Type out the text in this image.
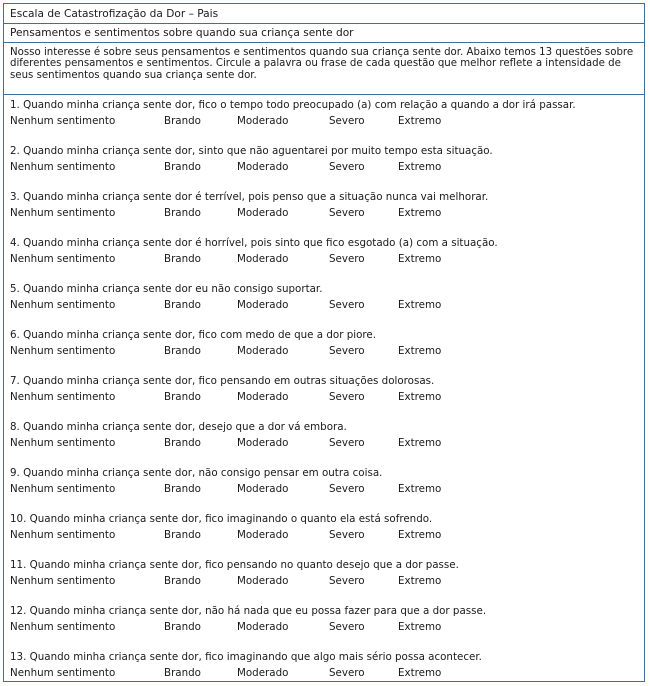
Escala de Catastrofização da Dor – Pais
Pensamentos e sentimentos sobre quando sua criança sente dor
Nosso interesse é sobre seus pensamentos e sentimentos quando sua criança sente dor. Abaixo temos 13 questões sobre diferentes pensamentos e sentimentos. Circule a palavra ou frase de cada questão que melhor reflete a intensidade de seus sentimentos quando sua criança sente dor.
1. Quando minha criança sente dor, fico o tempo todo preocupado (a) com relação a quando a dor irá passar.
Nenhum sentimento	Brando	Moderado	Severo	Extremo
2. Quando minha criança sente dor, sinto que não aguentarei por muito tempo esta situação.
Nenhum sentimento	Brando	Moderado	Severo	Extremo
3. Quando minha criança sente dor é terrível, pois penso que a situação nunca vai melhorar.
Nenhum sentimento	Brando	Moderado	Severo	Extremo
4. Quando minha criança sente dor é horrível, pois sinto que fico esgotado (a) com a situação.
Nenhum sentimento	Brando	Moderado	Severo	Extremo
5. Quando minha criança sente dor eu não consigo suportar.
Nenhum sentimento	Brando	Moderado	Severo	Extremo
6. Quando minha criança sente dor, fico com medo de que a dor piore.
Nenhum sentimento	Brando	Moderado	Severo	Extremo
7. Quando minha criança sente dor, fico pensando em outras situações dolorosas.
Nenhum sentimento	Brando	Moderado	Severo	Extremo
8. Quando minha criança sente dor, desejo que a dor vá embora.
Nenhum sentimento	Brando	Moderado	Severo	Extremo
9. Quando minha criança sente dor, não consigo pensar em outra coisa.
Nenhum sentimento	Brando	Moderado	Severo	Extremo
10. Quando minha criança sente dor, fico imaginando o quanto ela está sofrendo.
Nenhum sentimento	Brando	Moderado	Severo	Extremo
11. Quando minha criança sente dor, fico pensando no quanto desejo que a dor passe.
Nenhum sentimento	Brando	Moderado	Severo	Extremo
12. Quando minha criança sente dor, não há nada que eu possa fazer para que a dor passe.
Nenhum sentimento	Brando	Moderado	Severo	Extremo
13. Quando minha criança sente dor, fico imaginando que algo mais sério possa acontecer.
Nenhum sentimento	Brando	Moderado	Severo	Extremo
